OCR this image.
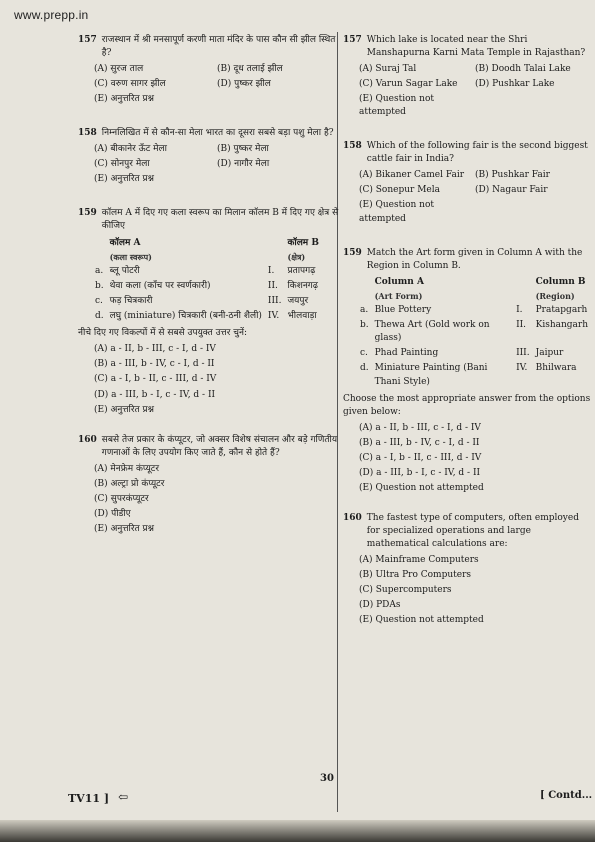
www.prepp.in
157 राजस्थान में श्री मनसापूर्ण करणी माता मंदिर के पास कौन सी झील स्थित है?
(A) सुरज ताल	(B) दूध तलाई झील
(C) वरुण सागर झील	(D) पुष्कर झील
(E) अनुत्तरित प्रश्न
158 निम्नलिखित में से कौन-सा मेला भारत का दूसरा सबसे बड़ा पशु मेला है?
(A) बीकानेर ऊँट मेला	(B) पुष्कर मेला
(C) सोनपुर मेला	(D) नागौर मेला
(E) अनुत्तरित प्रश्न
159 कॉलम A में दिए गए कला स्वरूप का मिलान कॉलम B में दिए गए क्षेत्र से कीजिए
	कॉलम A		कॉलम B
	(कला स्वरूप)		(क्षेत्र)
a.	ब्लू पोटरी	I.	प्रतापगढ़
b.	थेवा कला (काँच पर स्वर्णकारी)	II.	किशनगढ़
c.	फड़ चित्रकारी	III.	जयपुर
d.	लघु (miniature) चित्रकारी (बनी-ठनी शैली)	IV.	भीलवाड़ा
नीचे दिए गए विकल्पों में से सबसे उपयुक्त उत्तर चुनें:
(A) a - II, b - III, c - I, d - IV
(B) a - III, b - IV, c - I, d - II
(C) a - I, b - II, c - III, d - IV
(D) a - III, b - I, c - IV, d - II
(E) अनुत्तरित प्रश्न
160 सबसे तेज प्रकार के कंप्यूटर, जो अक्सर विशेष संचालन और बड़े गणितीय गणनाओं के लिए उपयोग किए जाते हैं, कौन से होते हैं?
(A) मेनफ्रेम कंप्यूटर
(B) अल्ट्रा प्रो कंप्यूटर
(C) सुपरकंप्यूटर
(D) पीडीए
(E) अनुत्तरित प्रश्न
157 Which lake is located near the Shri Manshapurna Karni Mata Temple in Rajasthan?
(A) Suraj Tal	(B) Doodh Talai Lake
(C) Varun Sagar Lake	(D) Pushkar Lake
(E) Question not attempted
158 Which of the following fair is the second biggest cattle fair in India?
(A) Bikaner Camel Fair	(B) Pushkar Fair
(C) Sonepur Mela	(D) Nagaur Fair
(E) Question not attempted
159 Match the Art form given in Column A with the Region in Column B.
	Column A		Column B
	(Art Form)		(Region)
a.	Blue Pottery	I.	Pratapgarh
b.	Thewa Art (Gold work on glass)	II.	Kishangarh
c.	Phad Painting	III.	Jaipur
d.	Miniature Painting (Bani Thani Style)	IV.	Bhilwara
Choose the most appropriate answer from the options given below:
(A) a - II, b - III, c - I, d - IV
(B) a - III, b - IV, c - I, d - II
(C) a - I, b - II, c - III, d - IV
(D) a - III, b - I, c - IV, d - II
(E) Question not attempted
160 The fastest type of computers, often employed for specialized operations and large mathematical calculations are:
(A) Mainframe Computers
(B) Ultra Pro Computers
(C) Supercomputers
(D) PDAs
(E) Question not attempted
30
TV11 ] ⇦	[ Contd...
